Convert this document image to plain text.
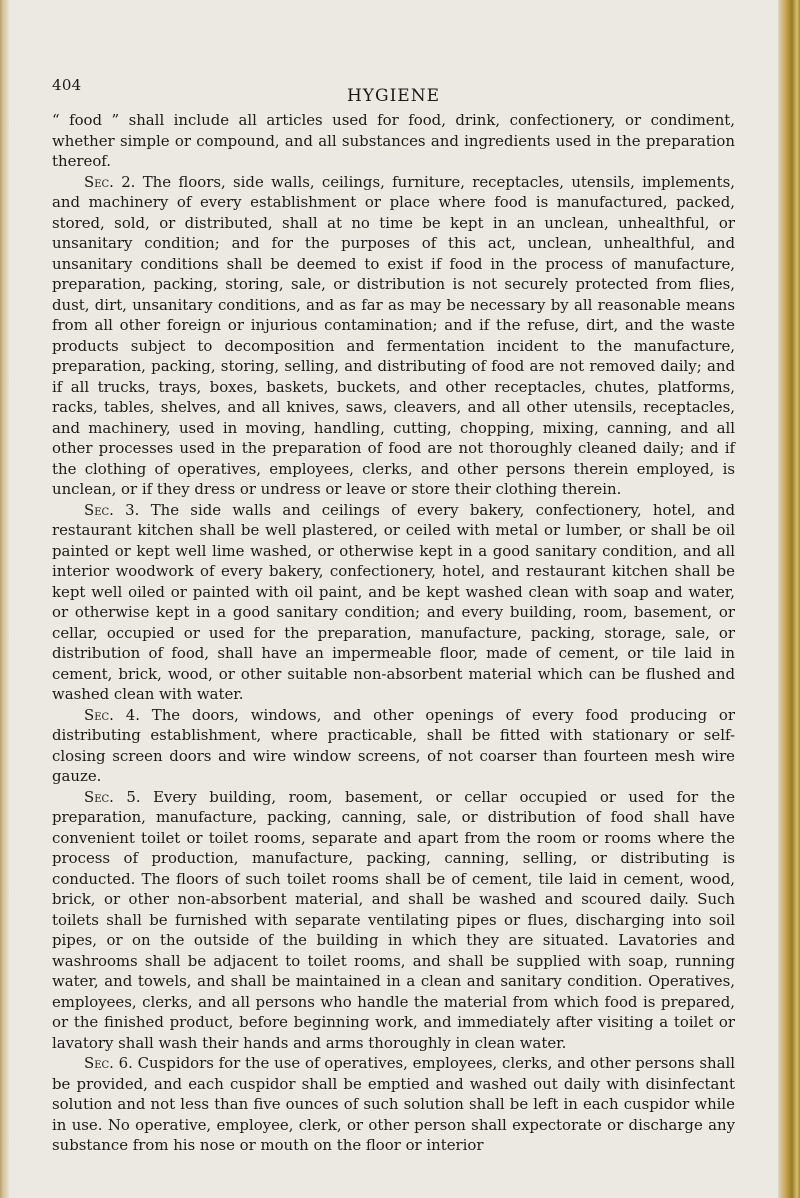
404
HYGIENE

“ food ” shall include all articles used for food, drink, confectionery, or condiment, whether simple or compound, and all substances and ingredients used in the preparation thereof.

Sec. 2. The floors, side walls, ceilings, furniture, receptacles, utensils, implements, and machinery of every establishment or place where food is manufactured, packed, stored, sold, or distributed, shall at no time be kept in an unclean, unhealthful, or unsanitary condition; and for the purposes of this act, unclean, unhealthful, and unsanitary conditions shall be deemed to exist if food in the process of manufacture, preparation, packing, storing, sale, or distribution is not securely protected from flies, dust, dirt, unsanitary conditions, and as far as may be necessary by all reasonable means from all other foreign or injurious contamination; and if the refuse, dirt, and the waste products subject to decomposition and fermentation incident to the manufacture, preparation, packing, storing, selling, and distributing of food are not removed daily; and if all trucks, trays, boxes, baskets, buckets, and other receptacles, chutes, platforms, racks, tables, shelves, and all knives, saws, cleavers, and all other utensils, receptacles, and machinery, used in moving, handling, cutting, chopping, mixing, canning, and all other processes used in the preparation of food are not thoroughly cleaned daily; and if the clothing of operatives, employees, clerks, and other persons therein employed, is unclean, or if they dress or undress or leave or store their clothing therein.

Sec. 3. The side walls and ceilings of every bakery, confectionery, hotel, and restaurant kitchen shall be well plastered, or ceiled with metal or lumber, or shall be oil painted or kept well lime washed, or otherwise kept in a good sanitary condition, and all interior woodwork of every bakery, confectionery, hotel, and restaurant kitchen shall be kept well oiled or painted with oil paint, and be kept washed clean with soap and water, or otherwise kept in a good sanitary condition; and every building, room, basement, or cellar, occupied or used for the preparation, manufacture, packing, storage, sale, or distribution of food, shall have an impermeable floor, made of cement, or tile laid in cement, brick, wood, or other suitable non-absorbent material which can be flushed and washed clean with water.

Sec. 4. The doors, windows, and other openings of every food producing or distributing establishment, where practicable, shall be fitted with stationary or self-closing screen doors and wire window screens, of not coarser than fourteen mesh wire gauze.

Sec. 5. Every building, room, basement, or cellar occupied or used for the preparation, manufacture, packing, canning, sale, or distribution of food shall have convenient toilet or toilet rooms, separate and apart from the room or rooms where the process of production, manufacture, packing, canning, selling, or distributing is conducted. The floors of such toilet rooms shall be of cement, tile laid in cement, wood, brick, or other non-absorbent material, and shall be washed and scoured daily. Such toilets shall be furnished with separate ventilating pipes or flues, discharging into soil pipes, or on the outside of the building in which they are situated. Lavatories and washrooms shall be adjacent to toilet rooms, and shall be supplied with soap, running water, and towels, and shall be maintained in a clean and sanitary condition. Operatives, employees, clerks, and all persons who handle the material from which food is prepared, or the finished product, before beginning work, and immediately after visiting a toilet or lavatory shall wash their hands and arms thoroughly in clean water.

Sec. 6. Cuspidors for the use of operatives, employees, clerks, and other persons shall be provided, and each cuspidor shall be emptied and washed out daily with disinfectant solution and not less than five ounces of such solution shall be left in each cuspidor while in use. No operative, employee, clerk, or other person shall expectorate or discharge any substance from his nose or mouth on the floor or interior
